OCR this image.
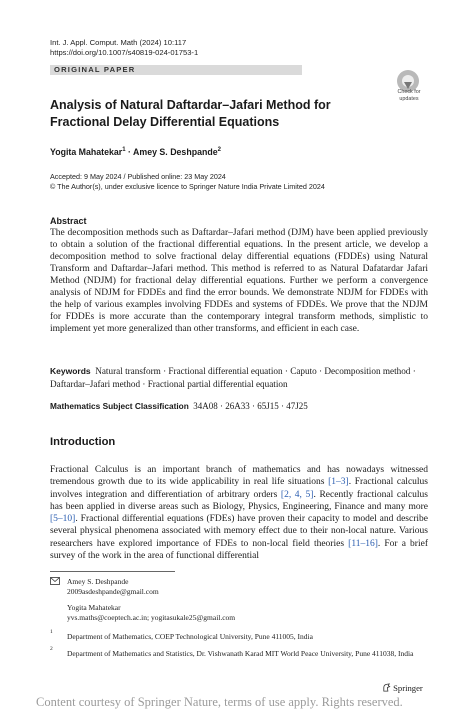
Int. J. Appl. Comput. Math (2024) 10:117
https://doi.org/10.1007/s40819-024-01753-1
ORIGINAL PAPER
Check for updates
Analysis of Natural Daftardar–Jafari Method for Fractional Delay Differential Equations
Yogita Mahatekar$^1$ · Amey S. Deshpande$^2$
Accepted: 9 May 2024 / Published online: 23 May 2024
© The Author(s), under exclusive licence to Springer Nature India Private Limited 2024
Abstract
The decomposition methods such as Daftardar–Jafari method (DJM) have been applied previously to obtain a solution of the fractional differential equations. In the present article, we develop a decomposition method to solve fractional delay differential equations (FDDEs) using Natural Transform and Daftardar–Jafari method. This method is referred to as Natural Dafatardar Jafari Method (NDJM) for fractional delay differential equations. Further we perform a convergence analysis of NDJM for FDDEs and find the error bounds. We demonstrate NDJM for FDDEs with the help of various examples involving FDDEs and systems of FDDEs. We prove that the NDJM for FDDEs is more accurate than the contemporary integral transform methods, simplistic to implement yet more generalized than other transforms, and efficient in each case.
Keywords Natural transform · Fractional differential equation · Caputo · Decomposition method · Daftardar–Jafari method · Fractional partial differential equation
Mathematics Subject Classification 34A08 · 26A33 · 65J15 · 47J25
Introduction
Fractional Calculus is an important branch of mathematics and has nowadays witnessed tremendous growth due to its wide applicability in real life situations [1–3]. Fractional calculus involves integration and differentiation of arbitrary orders [2, 4, 5]. Recently fractional calculus has been applied in diverse areas such as Biology, Physics, Engineering, Finance and many more [5–10]. Fractional differential equations (FDEs) have proven their capacity to model and describe several physical phenomena associated with memory effect due to their non-local nature. Various researchers have explored importance of FDEs to non-local field theories [11–16]. For a brief survey of the work in the area of functional differential
Amey S. Deshpande
2009asdeshpande@gmail.com
Yogita Mahatekar
yvs.maths@coeptech.ac.in; yogitasukale25@gmail.com
1 Department of Mathematics, COEP Technological University, Pune 411005, India
2 Department of Mathematics and Statistics, Dr. Vishwanath Karad MIT World Peace University, Pune 411038, India
Springer
Content courtesy of Springer Nature, terms of use apply. Rights reserved.
